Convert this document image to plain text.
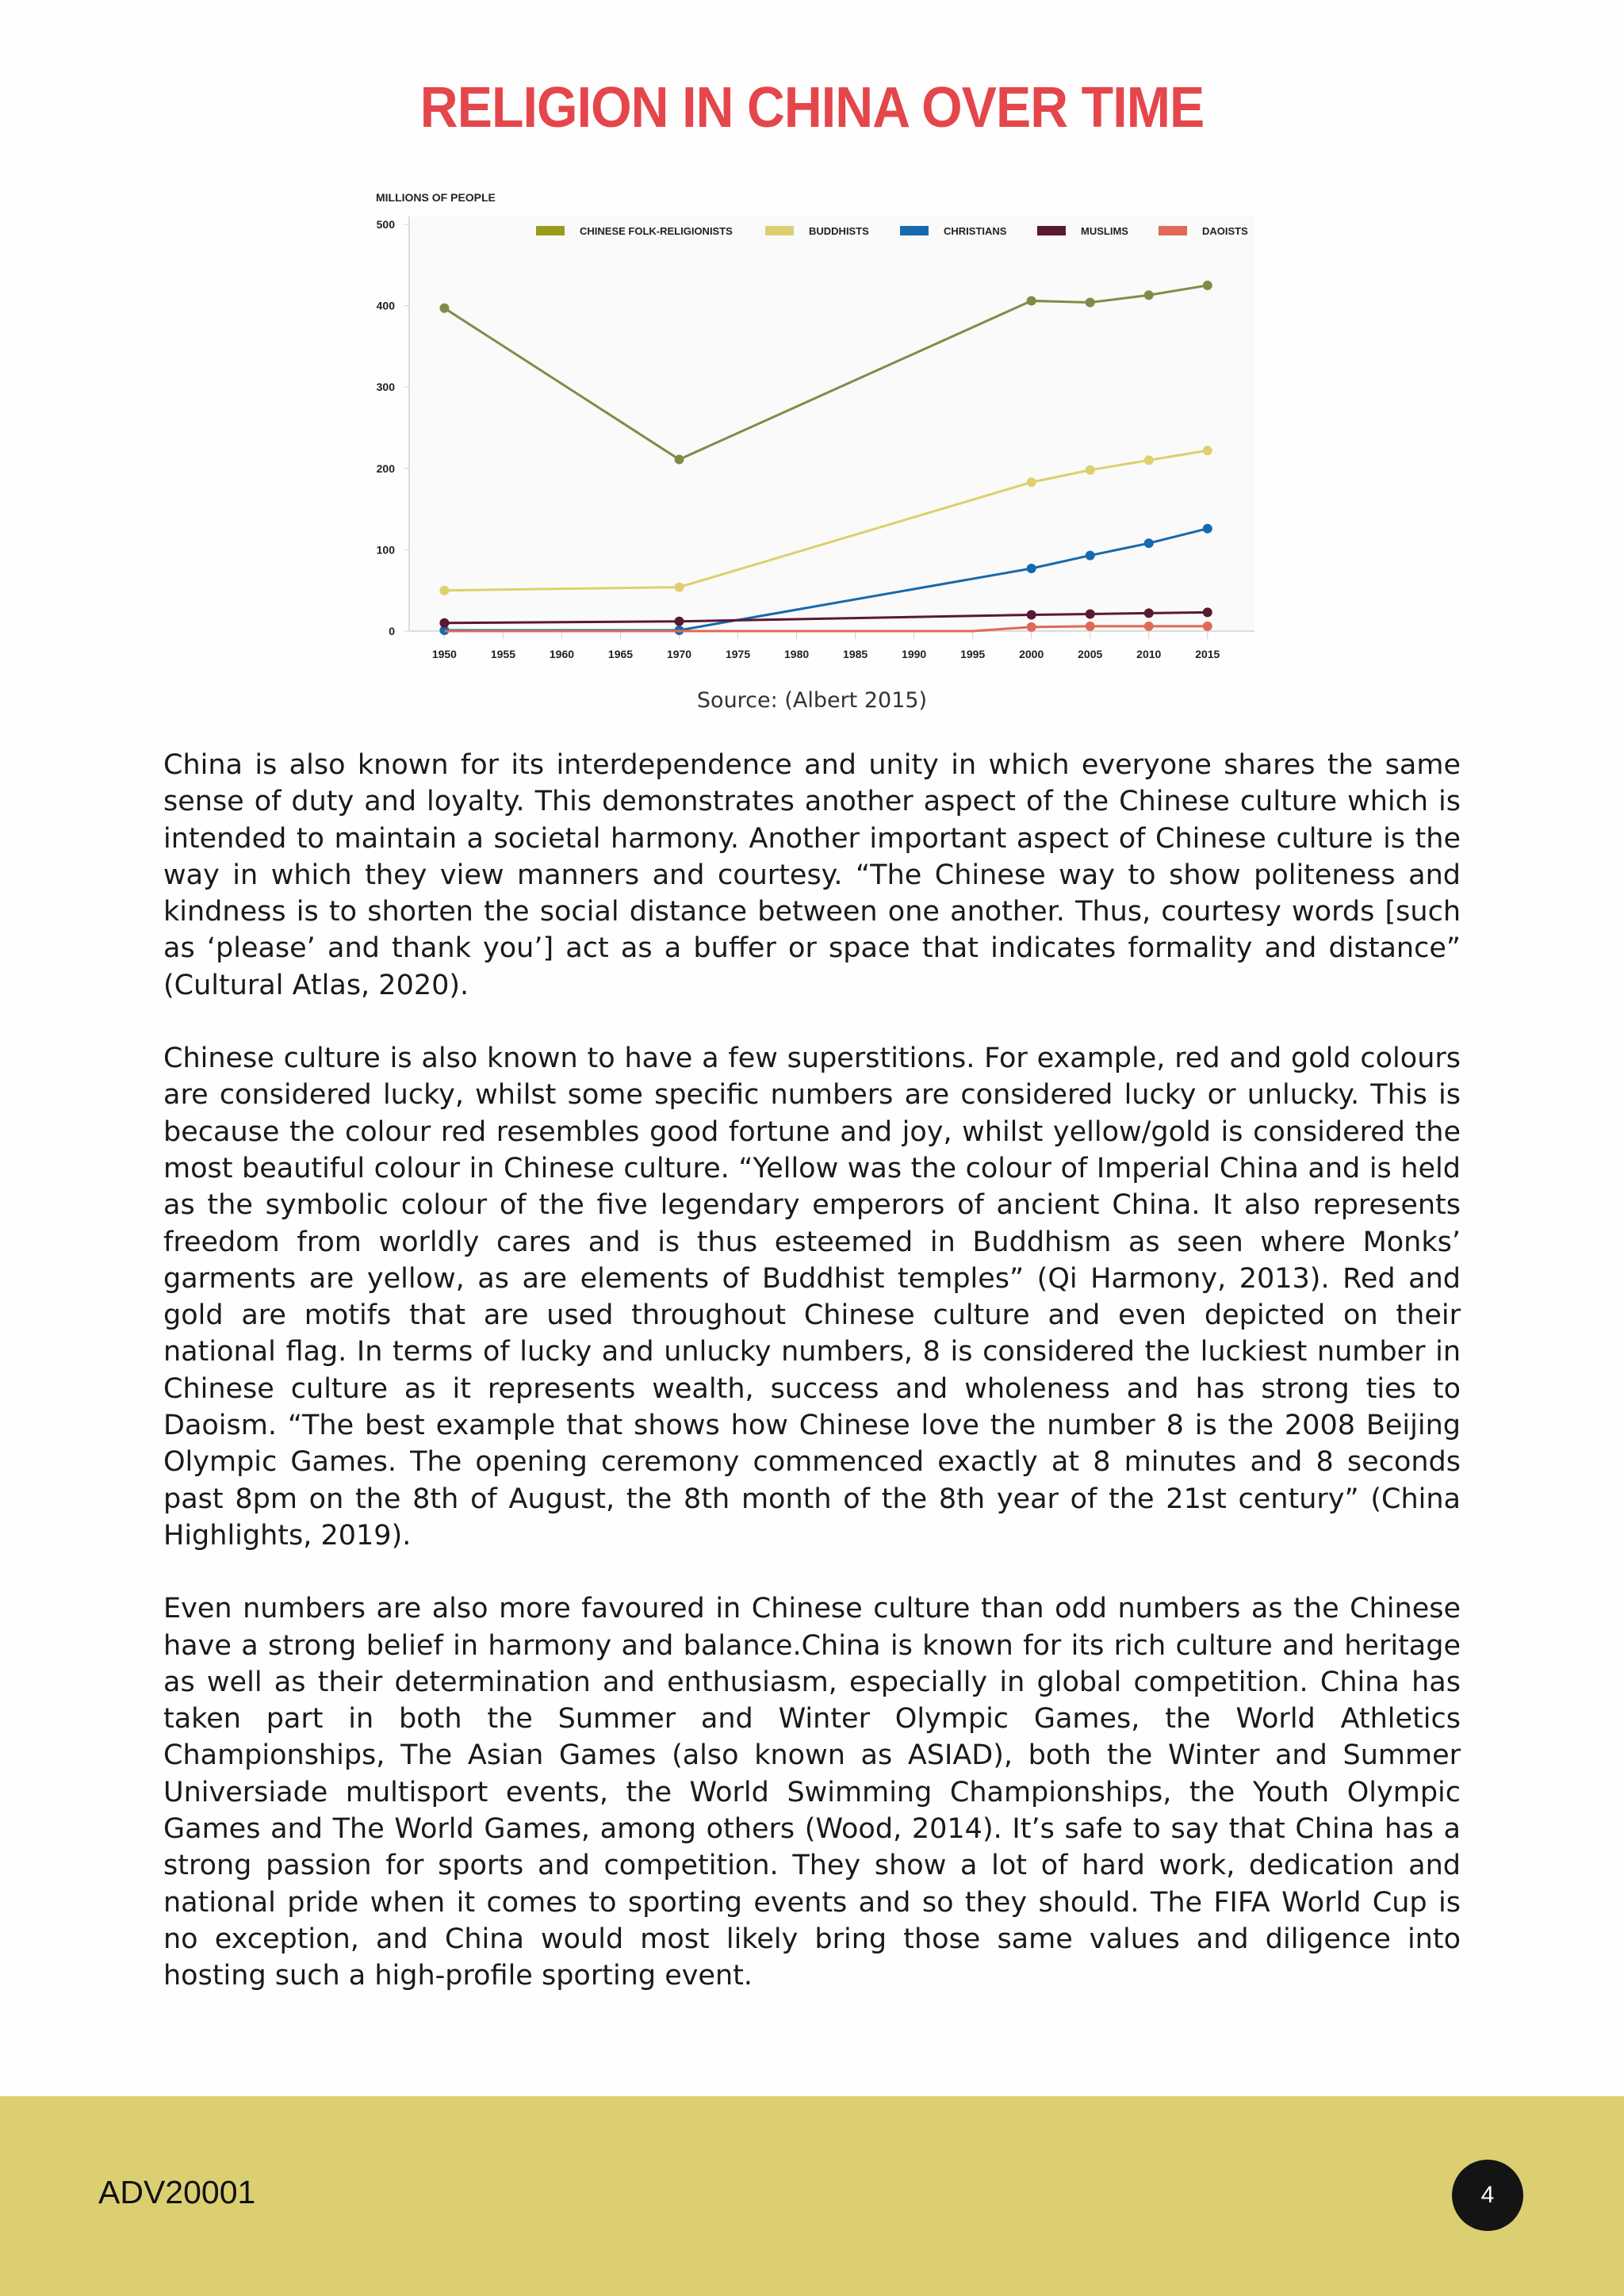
RELIGION IN CHINA OVER TIME
MILLIONS OF PEOPLE
0
100
200
300
400
500
1950	1955	1960	1965	1970	1975	1980	1985	1990	1995	2000	2005	2010	2015
CHINESE FOLK-RELIGIONISTS	BUDDHISTS	CHRISTIANS	MUSLIMS	DAOISTS
Source: (Albert 2015)

China is also known for its interdependence and unity in which everyone shares the same sense of duty and loyalty. This demonstrates another aspect of the Chinese culture which is intended to maintain a societal harmony. Another important aspect of Chinese culture is the way in which they view manners and courtesy. “The Chinese way to show politeness and kindness is to shorten the social distance between one another. Thus, courtesy words [such as ‘please’ and thank you’] act as a buffer or space that indicates formality and distance” (Cultural Atlas, 2020).

Chinese culture is also known to have a few superstitions. For example, red and gold colours are considered lucky, whilst some specific numbers are considered lucky or unlucky. This is because the colour red resembles good fortune and joy, whilst yellow/gold is considered the most beautiful colour in Chinese culture. “Yellow was the colour of Imperial China and is held as the symbolic colour of the five legendary emperors of ancient China. It also represents freedom from worldly cares and is thus esteemed in Buddhism as seen where Monks’ garments are yellow, as are elements of Buddhist temples” (Qi Harmony, 2013). Red and gold are motifs that are used throughout Chinese culture and even depicted on their national flag. In terms of lucky and unlucky numbers, 8 is considered the luckiest number in Chinese culture as it represents wealth, success and wholeness and has strong ties to Daoism. “The best example that shows how Chinese love the number 8 is the 2008 Beijing Olympic Games. The opening ceremony commenced exactly at 8 minutes and 8 seconds past 8pm on the 8th of August, the 8th month of the 8th year of the 21st century” (China Highlights, 2019).

Even numbers are also more favoured in Chinese culture than odd numbers as the Chinese have a strong belief in harmony and balance.China is known for its rich culture and heritage as well as their determination and enthusiasm, especially in global competition. China has taken part in both the Summer and Winter Olympic Games, the World Athletics Championships, The Asian Games (also known as ASIAD), both the Winter and Summer Universiade multisport events, the World Swimming Championships, the Youth Olympic Games and The World Games, among others (Wood, 2014). It’s safe to say that China has a strong passion for sports and competition. They show a lot of hard work, dedication and national pride when it comes to sporting events and so they should. The FIFA World Cup is no exception, and China would most likely bring those same values and diligence into hosting such a high-profile sporting event.

ADV20001	4
